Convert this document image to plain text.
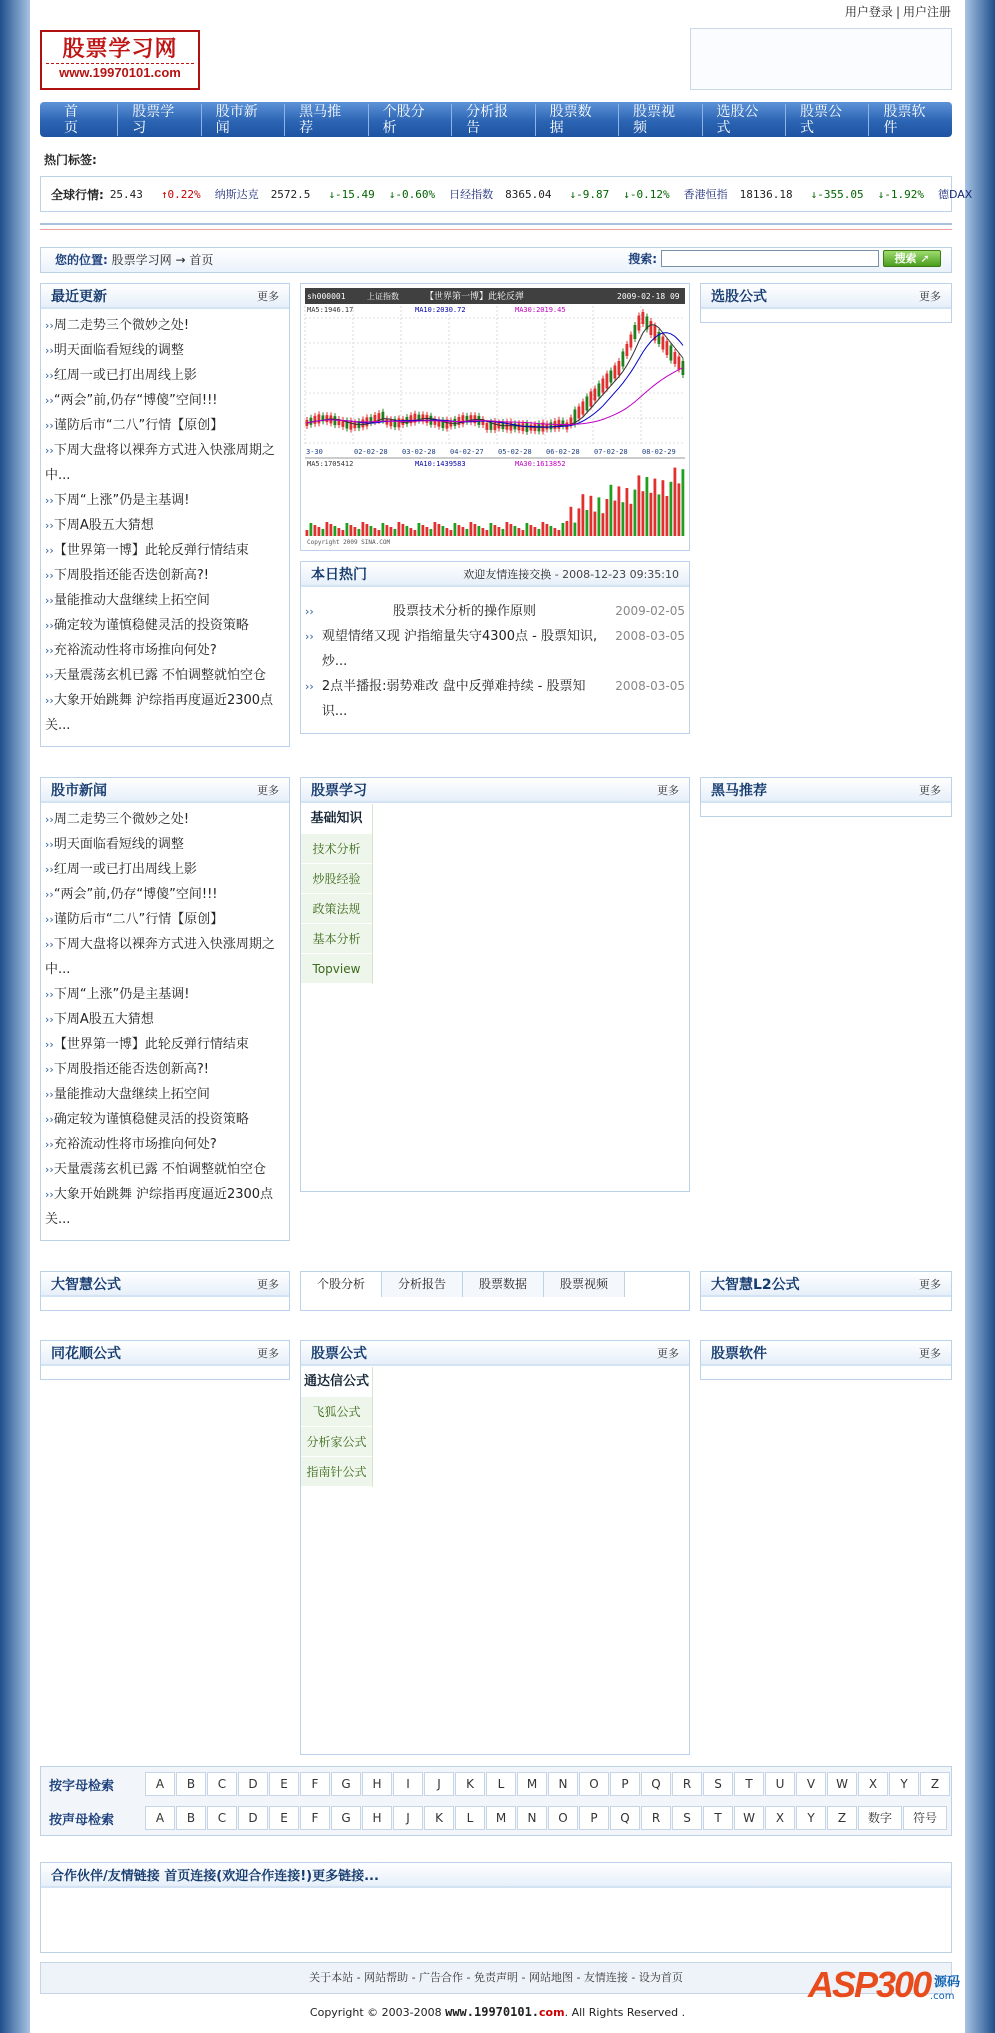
用户登录 | 用户注册
股票学习网
www.19970101.com
首页
股票学习
股市新闻
黑马推荐
个股分析
分析报告
股票数据
股票视频
选股公式
股票公式
股票软件
热门标签:
全球行情: 25.43 ↑0.22% 纳斯达克 2572.5 ↓-15.49 ↓-0.60% 日经指数 8365.04 ↓-9.87 ↓-0.12% 香港恒指 18136.18 ↓-355.05 ↓-1.92% 德DAX
您的位置: 股票学习网 → 首页	搜索:	搜索 ➚
最近更新	更多
›› 周二走势三个微妙之处!
›› 明天面临看短线的调整
›› 红周一或已打出周线上影
›› “两会”前,仍存“博傻”空间!!!
›› 谨防后市“二八”行情【原创】
›› 下周大盘将以裸奔方式进入快涨周期之中...
›› 下周“上涨”仍是主基调!
›› 下周A股五大猜想
›› 【世界第一博】此轮反弹行情结束
›› 下周股指还能否迭创新高?!
›› 量能推动大盘继续上拓空间
›› 确定较为谨慎稳健灵活的投资策略
›› 充裕流动性将市场推向何处?
›› 天量震荡玄机已露 不怕调整就怕空仓
›› 大象开始跳舞 沪综指再度逼近2300点关...
sh000001	上证指数	【世界第一博】此轮反弹	2009-02-18 09
MA5:1946.17	MA10:2030.72	MA30:2019.45
3-30	02-02-28 03-02-28 04-02-27 05-02-28 06-02-28 07-02-28 08-02-29
MA5:1705412	MA10:1439583	MA30:1613852
Copyright 2009 SINA.COM
本日热门	欢迎友情连接交换 - 2008-12-23 09:35:10
›› 股票技术分析的操作原则	2009-02-05
›› 观望情绪又现 沪指缩量失守4300点 - 股票知识,炒...
2008-03-05
›› 2点半播报:弱势难改 盘中反弹难持续 - 股票知识...
2008-03-05
选股公式	更多
股市新闻	更多
›› 周二走势三个微妙之处!
›› 明天面临看短线的调整
›› 红周一或已打出周线上影
›› “两会”前,仍存“博傻”空间!!!
›› 谨防后市“二八”行情【原创】
›› 下周大盘将以裸奔方式进入快涨周期之中...
›› 下周“上涨”仍是主基调!
›› 下周A股五大猜想
›› 【世界第一博】此轮反弹行情结束
›› 下周股指还能否迭创新高?!
›› 量能推动大盘继续上拓空间
›› 确定较为谨慎稳健灵活的投资策略
›› 充裕流动性将市场推向何处?
›› 天量震荡玄机已露 不怕调整就怕空仓
›› 大象开始跳舞 沪综指再度逼近2300点关...
股票学习	更多
基础知识
技术分析
炒股经验
政策法规
基本分析
Topview
黑马推荐	更多
大智慧公式	更多	个股分析	分析报告	股票数据	股票视频	大智慧L2公式	更多
同花顺公式	更多 股票公式	更多
通达信公式
飞狐公式
分析家公式
指南针公式
股票软件	更多
按字母检索	A	B	C	D	E	F	G	H	I	J	K	L	M	N	O	P	Q	R	S	T	U	V	W	X	Y	Z
按声母检索	A	B	C	D	E	F	G	H	J	K	L	M	N	O	P	Q	R	S	T	W	X	Y	Z	数字	符号
合作伙伴/友情链接 首页连接(欢迎合作连接!)更多链接...
关于本站 - 网站帮助 - 广告合作 - 免责声明 - 网站地图 - 友情连接 - 设为首页
Copyright © 2003-2008 www.19970101.com. All Rights Reserved .
ASP300 源码
.com
